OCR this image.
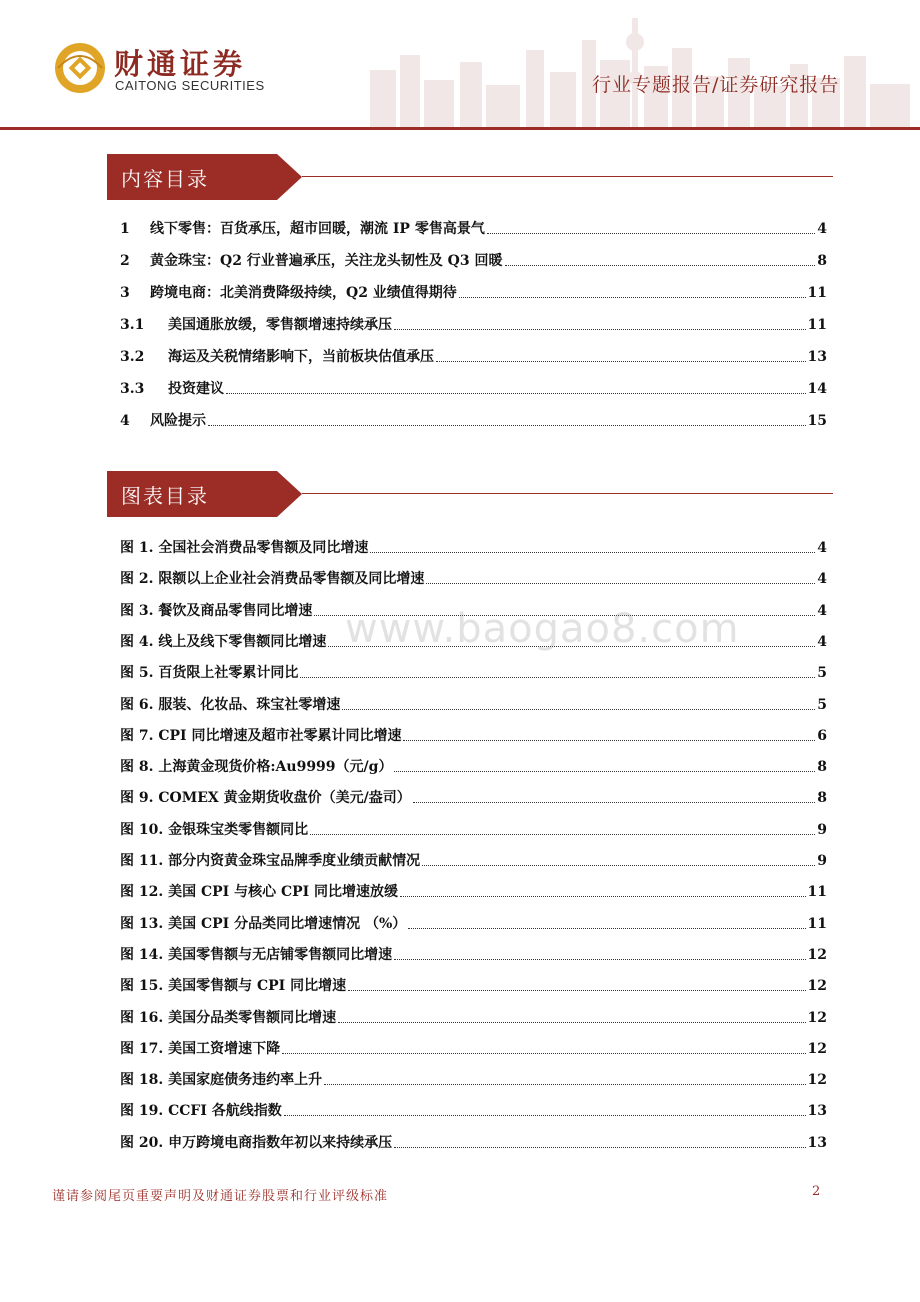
财通证券
CAITONG SECURITIES	行业专题报告/证券研究报告
内容目录
1	线下零售：百货承压，超市回暖，潮流 IP 零售高景气	4
2	黄金珠宝：Q2 行业普遍承压，关注龙头韧性及 Q3 回暖	8
3	跨境电商：北美消费降级持续，Q2 业绩值得期待	11
3.1	美国通胀放缓，零售额增速持续承压	11
3.2	海运及关税情绪影响下，当前板块估值承压	13
3.3	投资建议	14
4	风险提示	15
图表目录
图 1. 全国社会消费品零售额及同比增速	4
图 2. 限额以上企业社会消费品零售额及同比增速	4
图 3. 餐饮及商品零售同比增速	4
图 4. 线上及线下零售额同比增速	4
图 5. 百货限上社零累计同比	5
图 6. 服装、化妆品、珠宝社零增速	5
图 7. CPI 同比增速及超市社零累计同比增速	6
图 8. 上海黄金现货价格:Au9999（元/g）	8
图 9. COMEX 黄金期货收盘价（美元/盎司）	8
图 10. 金银珠宝类零售额同比	9
图 11. 部分内资黄金珠宝品牌季度业绩贡献情况	9
图 12. 美国 CPI 与核心 CPI 同比增速放缓	11
图 13. 美国 CPI 分品类同比增速情况 （%）	11
图 14. 美国零售额与无店铺零售额同比增速	12
图 15. 美国零售额与 CPI 同比增速	12
图 16. 美国分品类零售额同比增速	12
图 17. 美国工资增速下降	12
图 18. 美国家庭债务违约率上升	12
图 19. CCFI 各航线指数	13
图 20. 申万跨境电商指数年初以来持续承压	13
www.baogao8.com
谨请参阅尾页重要声明及财通证券股票和行业评级标准	2
